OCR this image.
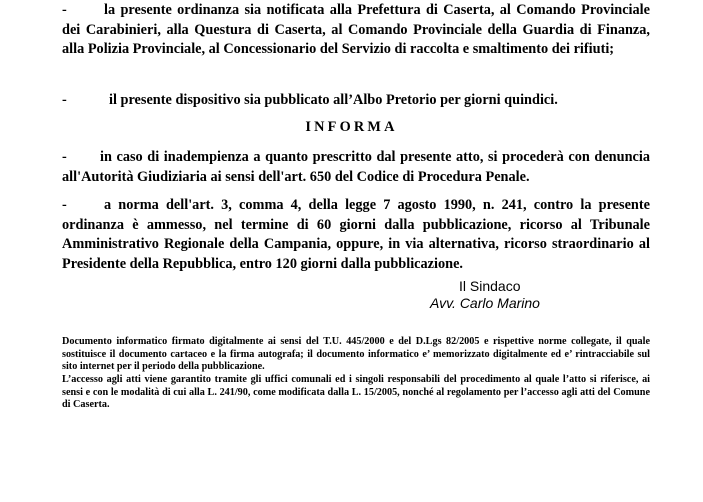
-	la presente ordinanza sia notificata alla Prefettura di Caserta, al Comando Provinciale dei Carabinieri, alla Questura di Caserta, al Comando Provinciale della Guardia di Finanza, alla Polizia Provinciale, al Concessionario del Servizio di raccolta e smaltimento dei rifiuti;
-	il presente dispositivo sia pubblicato all’Albo Pretorio per giorni quindici.
INFORMA
- in caso di inadempienza a quanto prescritto dal presente atto, si procederà con denuncia all'Autorità Giudiziaria ai sensi dell'art. 650 del Codice di Procedura Penale.
-	a norma dell'art. 3, comma 4, della legge 7 agosto 1990, n. 241, contro la presente ordinanza è ammesso, nel termine di 60 giorni dalla pubblicazione, ricorso al Tribunale Amministrativo Regionale della Campania, oppure, in via alternativa, ricorso straordinario al Presidente della Repubblica, entro 120 giorni dalla pubblicazione.
Il Sindaco
Avv. Carlo Marino
Documento informatico firmato digitalmente ai sensi del T.U. 445/2000 e del D.Lgs 82/2005 e rispettive norme collegate, il quale sostituisce il documento cartaceo e la firma autografa; il documento informatico e’ memorizzato digitalmente ed e’ rintracciabile sul sito internet per il periodo della pubblicazione.
L’accesso agli atti viene garantito tramite gli uffici comunali ed i singoli responsabili del procedimento al quale l’atto si riferisce, ai sensi e con le modalità di cui alla L. 241/90, come modificata dalla L. 15/2005, nonché al regolamento per l’accesso agli atti del Comune di Caserta.
